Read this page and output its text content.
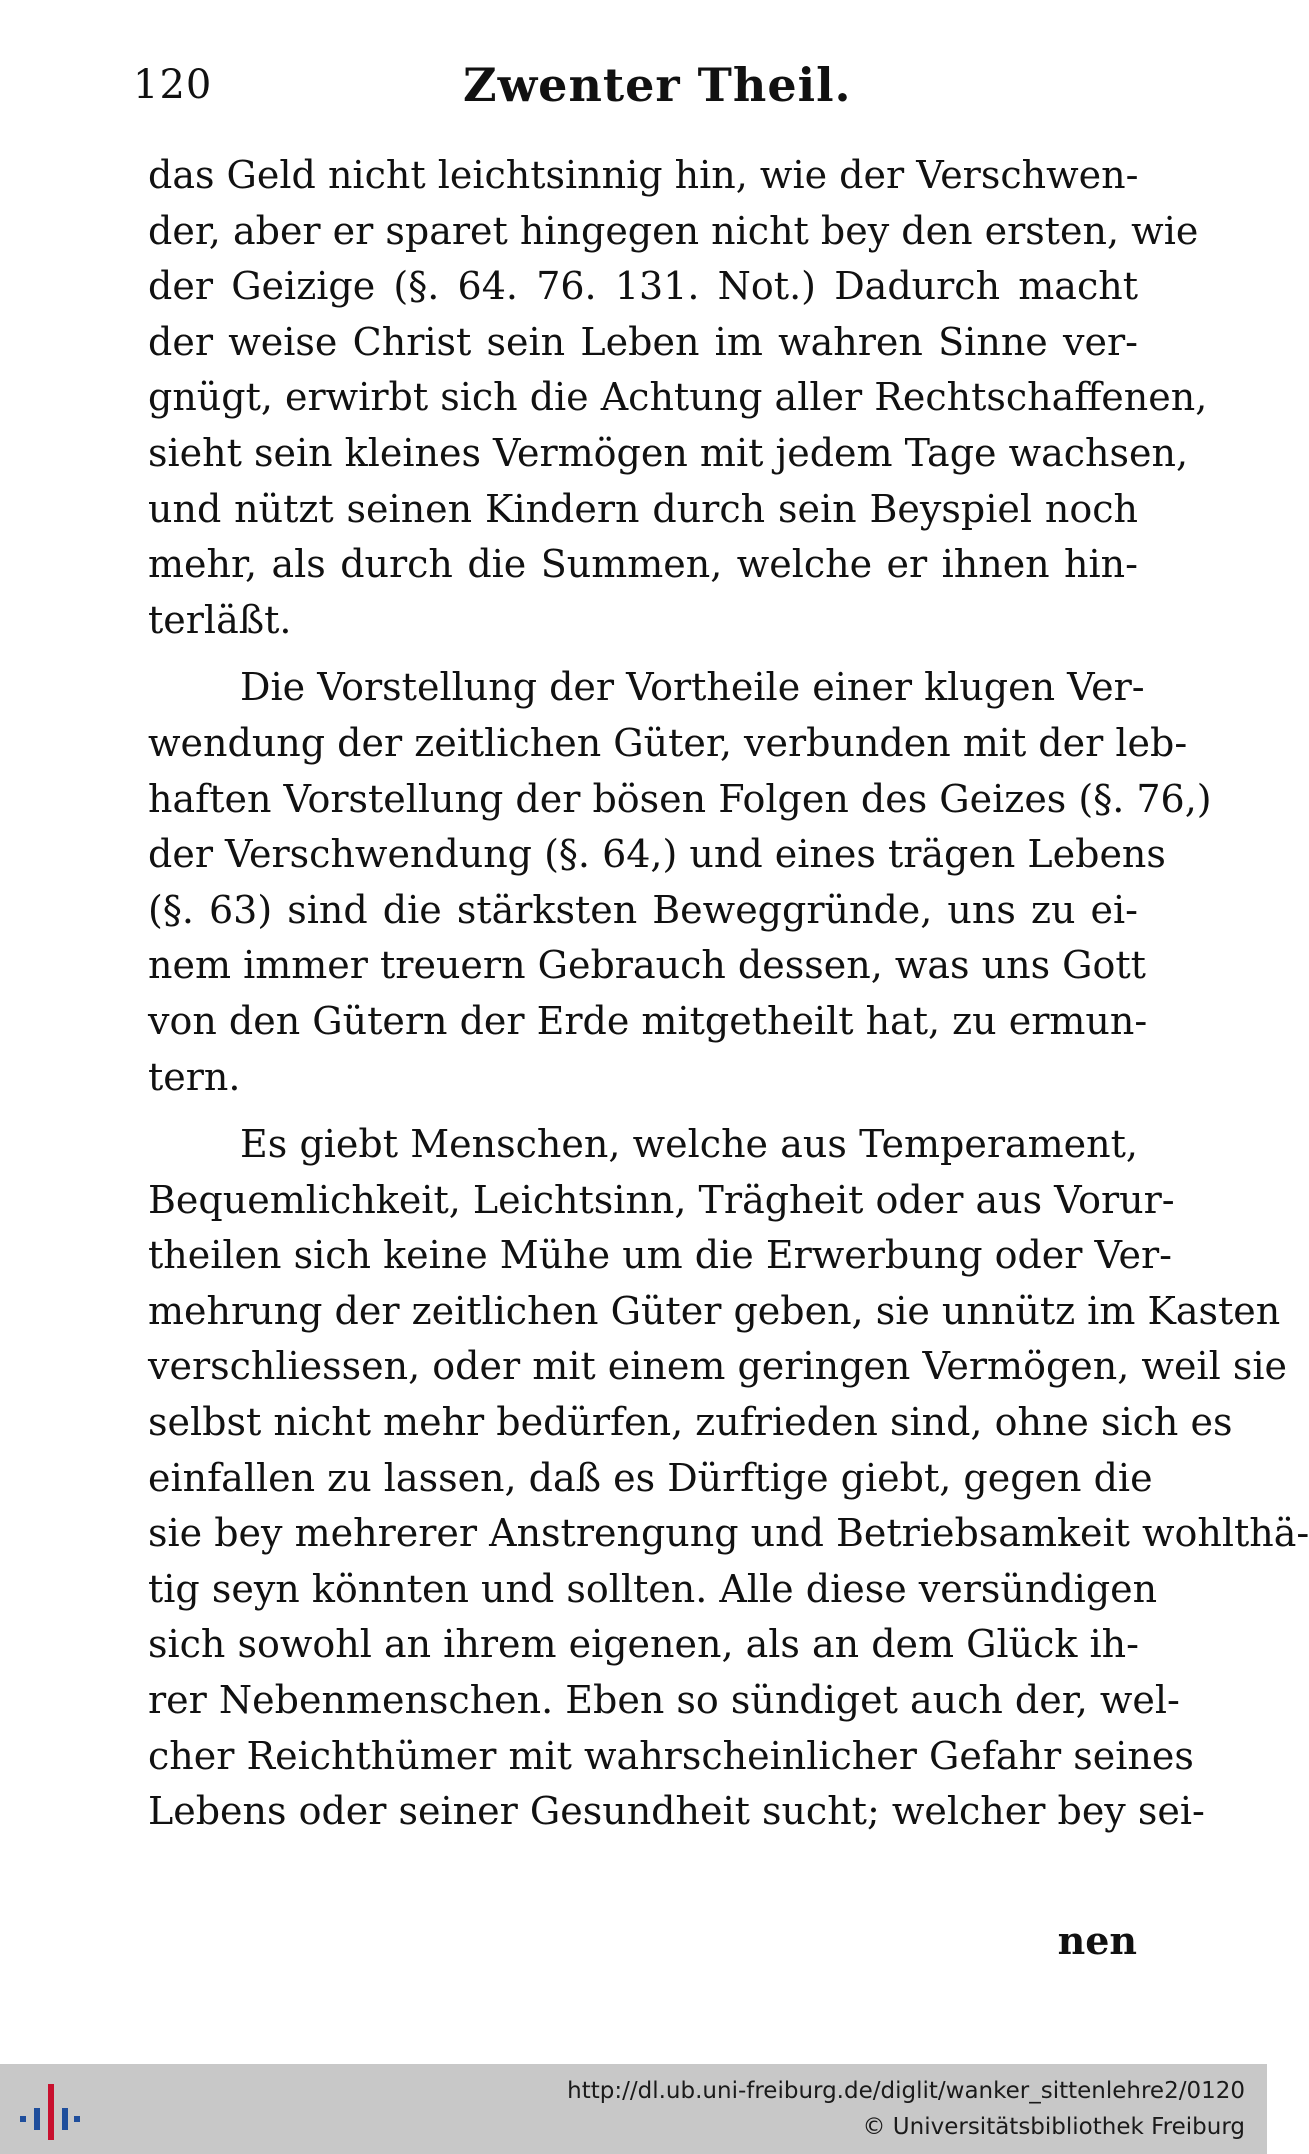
120	Zwenter Theil.
das Geld nicht leichtsinnig hin, wie der Verschwen-
der, aber er sparet hingegen nicht bey den ersten, wie
der Geizige (§. 64. 76. 131. Not.) Dadurch macht
der weise Christ sein Leben im wahren Sinne ver-
gnügt, erwirbt sich die Achtung aller Rechtschaffenen,
sieht sein kleines Vermögen mit jedem Tage wachsen,
und nützt seinen Kindern durch sein Beyspiel noch
mehr, als durch die Summen, welche er ihnen hin-
terläßt.
Die Vorstellung der Vortheile einer klugen Ver-
wendung der zeitlichen Güter, verbunden mit der leb-
haften Vorstellung der bösen Folgen des Geizes (§. 76,)
der Verschwendung (§. 64,) und eines trägen Lebens
(§. 63) sind die stärksten Beweggründe, uns zu ei-
nem immer treuern Gebrauch dessen, was uns Gott
von den Gütern der Erde mitgetheilt hat, zu ermun-
tern.
Es giebt Menschen, welche aus Temperament,
Bequemlichkeit, Leichtsinn, Trägheit oder aus Vorur-
theilen sich keine Mühe um die Erwerbung oder Ver-
mehrung der zeitlichen Güter geben, sie unnütz im Kasten
verschliessen, oder mit einem geringen Vermögen, weil sie
selbst nicht mehr bedürfen, zufrieden sind, ohne sich es
einfallen zu lassen, daß es Dürftige giebt, gegen die
sie bey mehrerer Anstrengung und Betriebsamkeit wohlthä-
tig seyn könnten und sollten. Alle diese versündigen
sich sowohl an ihrem eigenen, als an dem Glück ih-
rer Nebenmenschen. Eben so sündiget auch der, wel-
cher Reichthümer mit wahrscheinlicher Gefahr seines
Lebens oder seiner Gesundheit sucht; welcher bey sei-
nen
http://dl.ub.uni-freiburg.de/diglit/wanker_sittenlehre2/0120
© Universitätsbibliothek Freiburg
